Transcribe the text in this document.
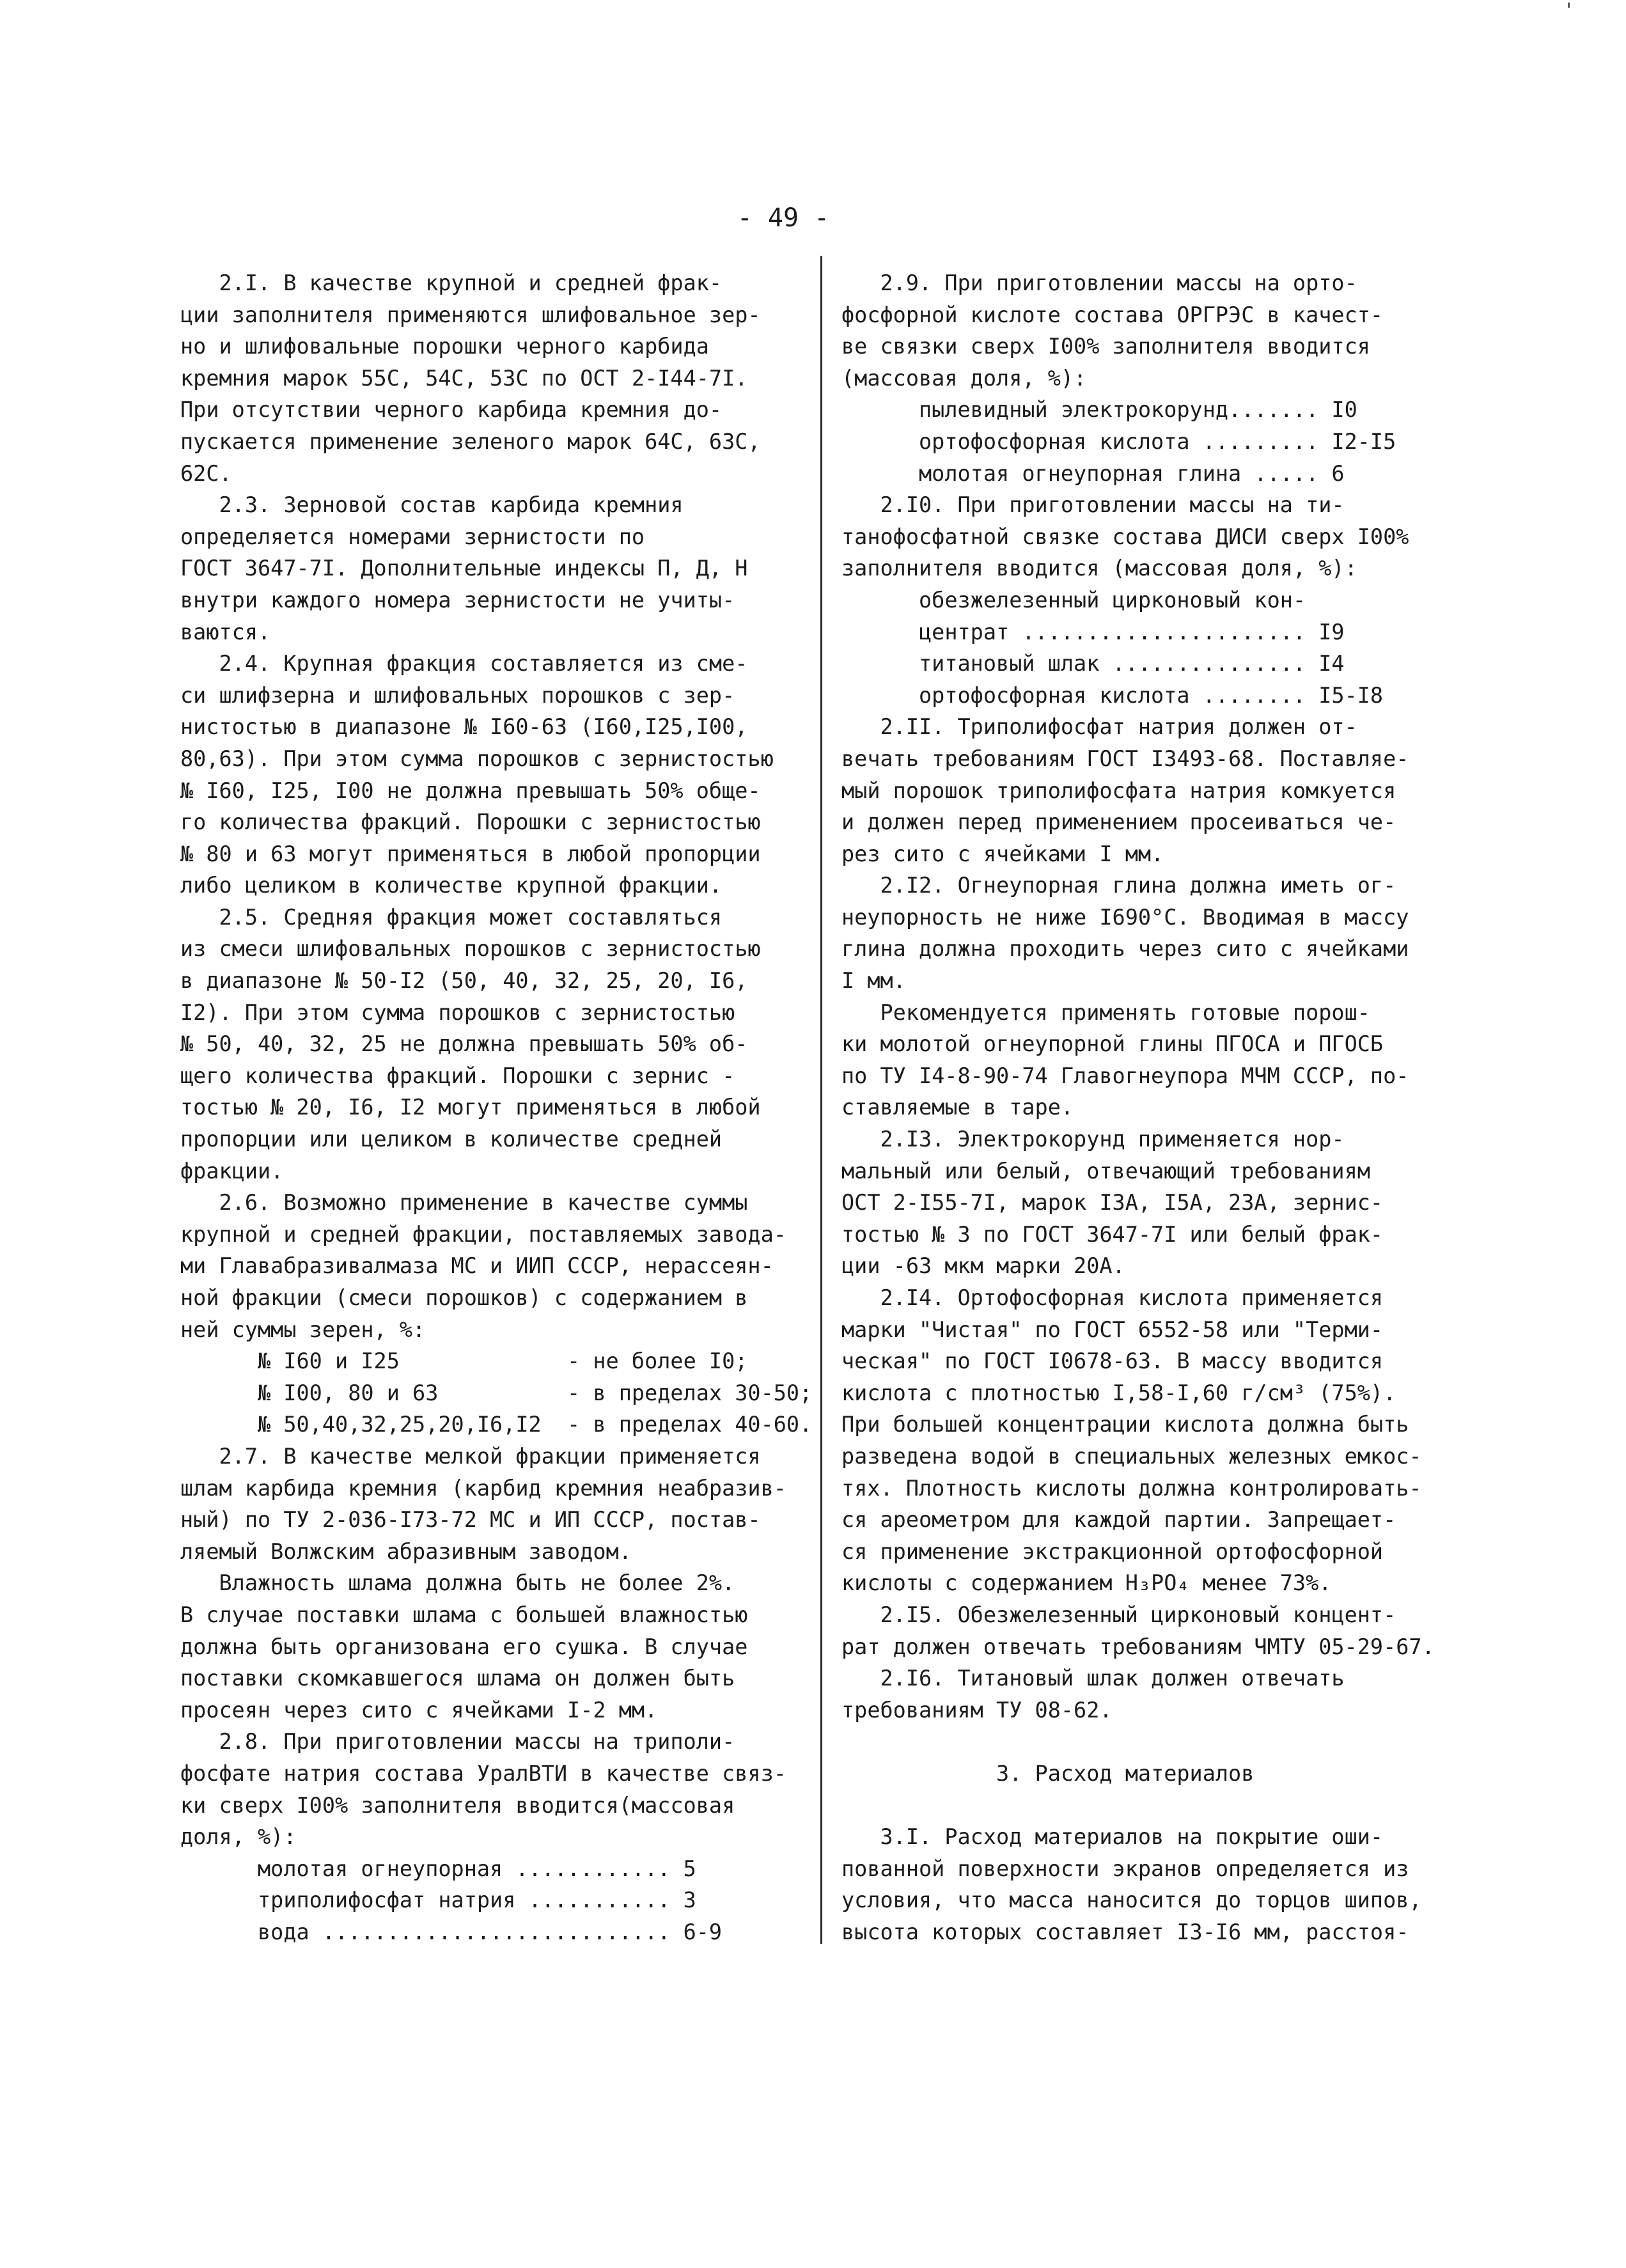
- 49 -
2.I. В качестве крупной и средней фрак-
ции заполнителя применяются шлифовальное зер-
но и шлифовальные порошки черного карбида
кремния марок 55С, 54С, 53С по ОСТ 2-I44-7I.
При отсутствии черного карбида кремния до-
пускается применение зеленого марок 64С, 63С,
62С.
2.3. Зерновой состав карбида кремния
определяется номерами зернистости по
ГОСТ 3647-7I. Дополнительные индексы П, Д, Н
внутри каждого номера зернистости не учиты-
ваются.
2.4. Крупная фракция составляется из сме-
си шлифзерна и шлифовальных порошков с зер-
нистостью в диапазоне № I60-63 (I60,I25,I00,
80,63). При этом сумма порошков с зернистостью
№ I60, I25, I00 не должна превышать 50% обще-
го количества фракций. Порошки с зернистостью
№ 80 и 63 могут применяться в любой пропорции
либо целиком в количестве крупной фракции.
2.5. Средняя фракция может составляться
из смеси шлифовальных порошков с зернистостью
в диапазоне № 50-I2 (50, 40, 32, 25, 20, I6,
I2). При этом сумма порошков с зернистостью
№ 50, 40, 32, 25 не должна превышать 50% об-
щего количества фракций. Порошки с зернис -
тостью № 20, I6, I2 могут применяться в любой
пропорции или целиком в количестве средней
фракции.
2.6. Возможно применение в качестве суммы
крупной и средней фракции, поставляемых завода-
ми Главабразивалмаза МС и ИИП СССР, нерассеян-
ной фракции (смеси порошков) с содержанием в
ней суммы зерен, %:
№ I60 и I25             - не более I0;
№ I00, 80 и 63          - в пределах 30-50;
№ 50,40,32,25,20,I6,I2  - в пределах 40-60.
2.7. В качестве мелкой фракции применяется
шлам карбида кремния (карбид кремния неабразив-
ный) по ТУ 2-036-I73-72 МС и ИП СССР, постав-
ляемый Волжским абразивным заводом.
Влажность шлама должна быть не более 2%.
В случае поставки шлама с большей влажностью
должна быть организована его сушка. В случае
поставки скомкавшегося шлама он должен быть
просеян через сито с ячейками I-2 мм.
2.8. При приготовлении массы на триполи-
фосфате натрия состава УралВТИ в качестве связ-
ки сверх I00% заполнителя вводится(массовая
доля, %):
молотая огнеупорная ............ 5
триполифосфат натрия ........... 3
вода ........................... 6-9
2.9. При приготовлении массы на орто-
фосфорной кислоте состава ОРГРЭС в качест-
ве связки сверх I00% заполнителя вводится
(массовая доля, %):
пылевидный электрокорунд....... I0
ортофосфорная кислота ......... I2-I5
молотая огнеупорная глина ..... 6
2.I0. При приготовлении массы на ти-
танофосфатной связке состава ДИСИ сверх I00%
заполнителя вводится (массовая доля, %):
обезжелезенный цирконовый кон-
центрат ...................... I9
титановый шлак ............... I4
ортофосфорная кислота ........ I5-I8
2.II. Триполифосфат натрия должен от-
вечать требованиям ГОСТ I3493-68. Поставляе-
мый порошок триполифосфата натрия комкуется
и должен перед применением просеиваться че-
рез сито с ячейками I мм.
2.I2. Огнеупорная глина должна иметь ог-
неупорность не ниже I690°С. Вводимая в массу
глина должна проходить через сито с ячейками
I мм.
Рекомендуется применять готовые порош-
ки молотой огнеупорной глины ПГОСА и ПГОСБ
по ТУ I4-8-90-74 Главогнеупора МЧМ СССР, по-
ставляемые в таре.
2.I3. Электрокорунд применяется нор-
мальный или белый, отвечающий требованиям
ОСТ 2-I55-7I, марок I3А, I5А, 23А, зернис-
тостью № 3 по ГОСТ 3647-7I или белый фрак-
ции -63 мкм марки 20А.
2.I4. Ортофосфорная кислота применяется
марки "Чистая" по ГОСТ 6552-58 или "Терми-
ческая" по ГОСТ I0678-63. В массу вводится
кислота с плотностью I,58-I,60 г/см³ (75%).
При большей концентрации кислота должна быть
разведена водой в специальных железных емкос-
тях. Плотность кислоты должна контролировать-
ся ареометром для каждой партии. Запрещает-
ся применение экстракционной ортофосфорной
кислоты с содержанием H₃PO₄ менее 73%.
2.I5. Обезжелезенный цирконовый концент-
рат должен отвечать требованиям ЧМТУ 05-29-67.
2.I6. Титановый шлак должен отвечать
требованиям ТУ 08-62.
3. Расход материалов
3.I. Расход материалов на покрытие оши-
пованной поверхности экранов определяется из
условия, что масса наносится до торцов шипов,
высота которых составляет I3-I6 мм, расстоя-
